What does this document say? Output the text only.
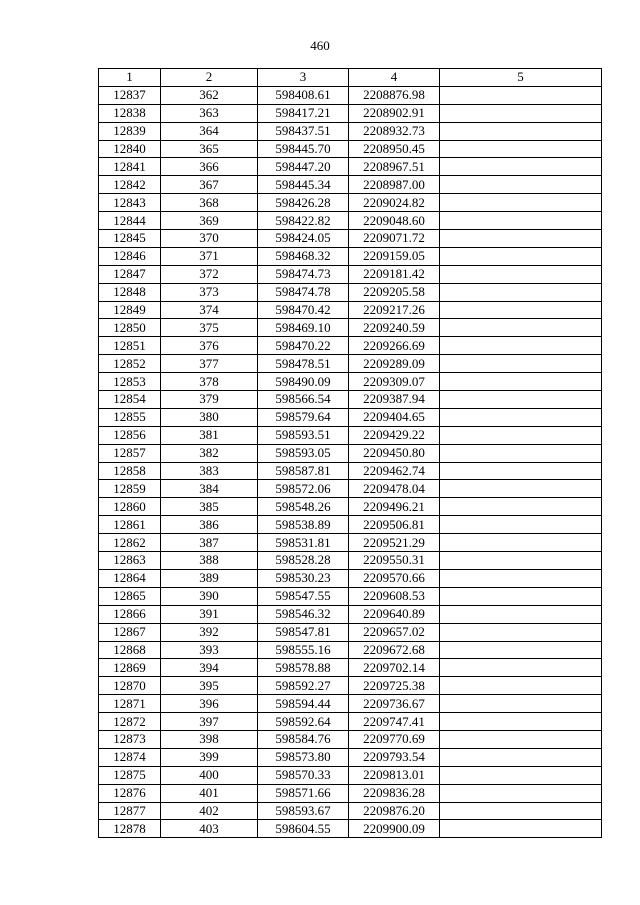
460
1	2	3	4	5
12837	362	598408.61	2208876.98	
12838	363	598417.21	2208902.91	
12839	364	598437.51	2208932.73	
12840	365	598445.70	2208950.45	
12841	366	598447.20	2208967.51	
12842	367	598445.34	2208987.00	
12843	368	598426.28	2209024.82	
12844	369	598422.82	2209048.60	
12845	370	598424.05	2209071.72	
12846	371	598468.32	2209159.05	
12847	372	598474.73	2209181.42	
12848	373	598474.78	2209205.58	
12849	374	598470.42	2209217.26	
12850	375	598469.10	2209240.59	
12851	376	598470.22	2209266.69	
12852	377	598478.51	2209289.09	
12853	378	598490.09	2209309.07	
12854	379	598566.54	2209387.94	
12855	380	598579.64	2209404.65	
12856	381	598593.51	2209429.22	
12857	382	598593.05	2209450.80	
12858	383	598587.81	2209462.74	
12859	384	598572.06	2209478.04	
12860	385	598548.26	2209496.21	
12861	386	598538.89	2209506.81	
12862	387	598531.81	2209521.29	
12863	388	598528.28	2209550.31	
12864	389	598530.23	2209570.66	
12865	390	598547.55	2209608.53	
12866	391	598546.32	2209640.89	
12867	392	598547.81	2209657.02	
12868	393	598555.16	2209672.68	
12869	394	598578.88	2209702.14	
12870	395	598592.27	2209725.38	
12871	396	598594.44	2209736.67	
12872	397	598592.64	2209747.41	
12873	398	598584.76	2209770.69	
12874	399	598573.80	2209793.54	
12875	400	598570.33	2209813.01	
12876	401	598571.66	2209836.28	
12877	402	598593.67	2209876.20	
12878	403	598604.55	2209900.09	
